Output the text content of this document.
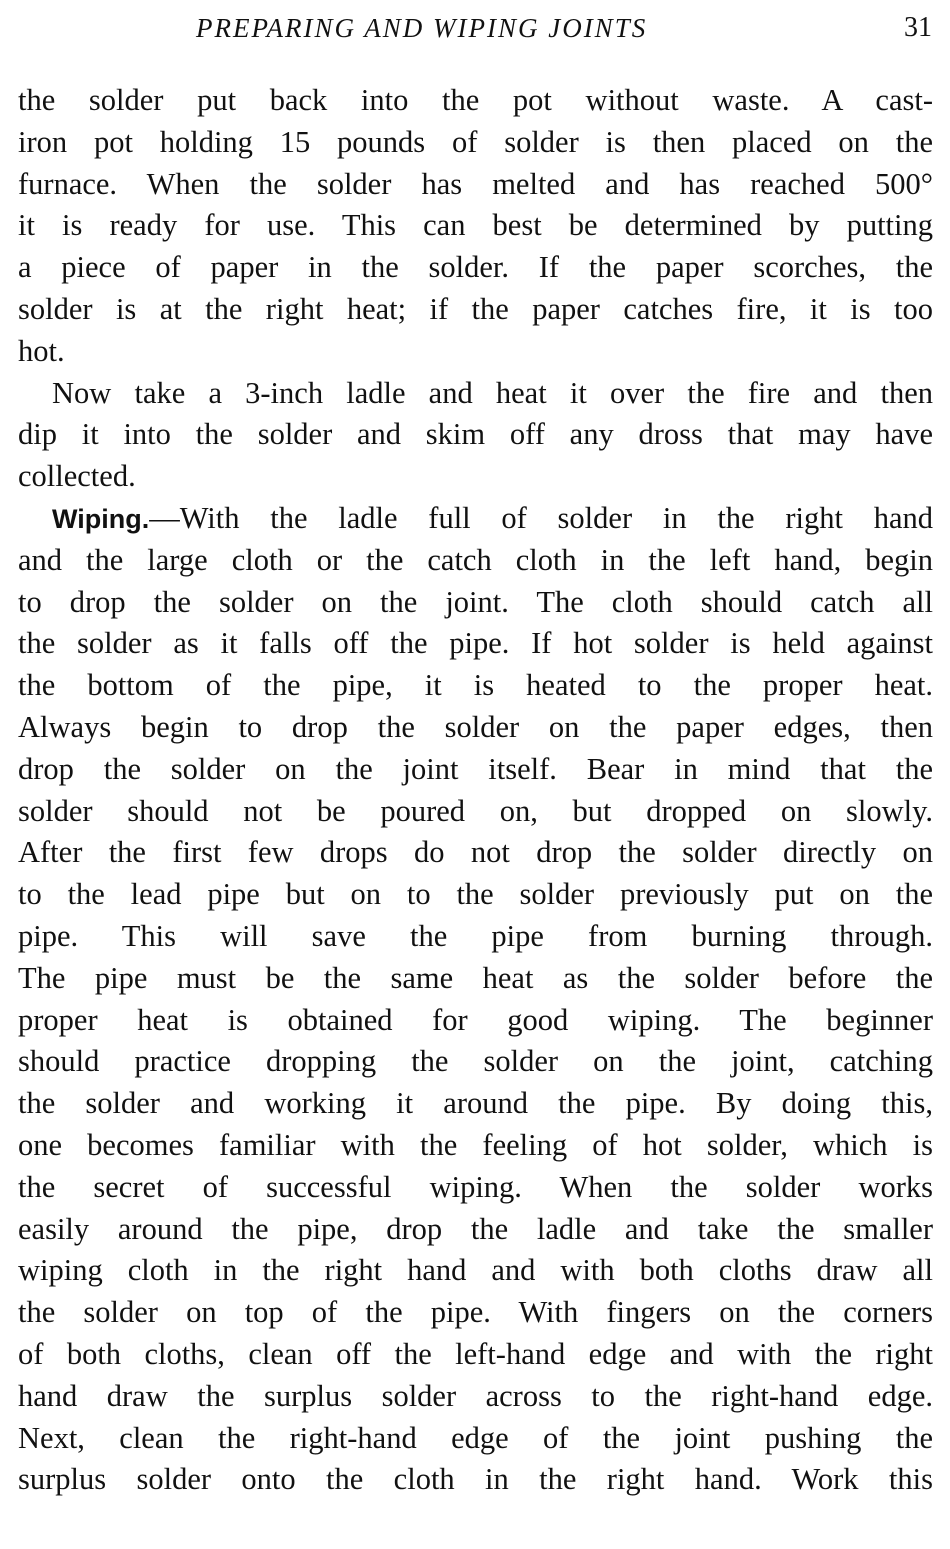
PREPARING AND WIPING JOINTS	31
the solder put back into the pot without waste. A cast-
iron pot holding 15 pounds of solder is then placed on the
furnace. When the solder has melted and has reached 500°
it is ready for use. This can best be determined by putting
a piece of paper in the solder. If the paper scorches, the
solder is at the right heat; if the paper catches fire, it is too
hot.
Now take a 3-inch ladle and heat it over the fire and then
dip it into the solder and skim off any dross that may have
collected.
Wiping.—With the ladle full of solder in the right hand
and the large cloth or the catch cloth in the left hand, begin
to drop the solder on the joint. The cloth should catch all
the solder as it falls off the pipe. If hot solder is held against
the bottom of the pipe, it is heated to the proper heat.
Always begin to drop the solder on the paper edges, then
drop the solder on the joint itself. Bear in mind that the
solder should not be poured on, but dropped on slowly.
After the first few drops do not drop the solder directly on
to the lead pipe but on to the solder previously put on the
pipe. This will save the pipe from burning through.
The pipe must be the same heat as the solder before the
proper heat is obtained for good wiping. The beginner
should practice dropping the solder on the joint, catching
the solder and working it around the pipe. By doing this,
one becomes familiar with the feeling of hot solder, which is
the secret of successful wiping. When the solder works
easily around the pipe, drop the ladle and take the smaller
wiping cloth in the right hand and with both cloths draw all
the solder on top of the pipe. With fingers on the corners
of both cloths, clean off the left-hand edge and with the right
hand draw the surplus solder across to the right-hand edge.
Next, clean the right-hand edge of the joint pushing the
surplus solder onto the cloth in the right hand. Work this
